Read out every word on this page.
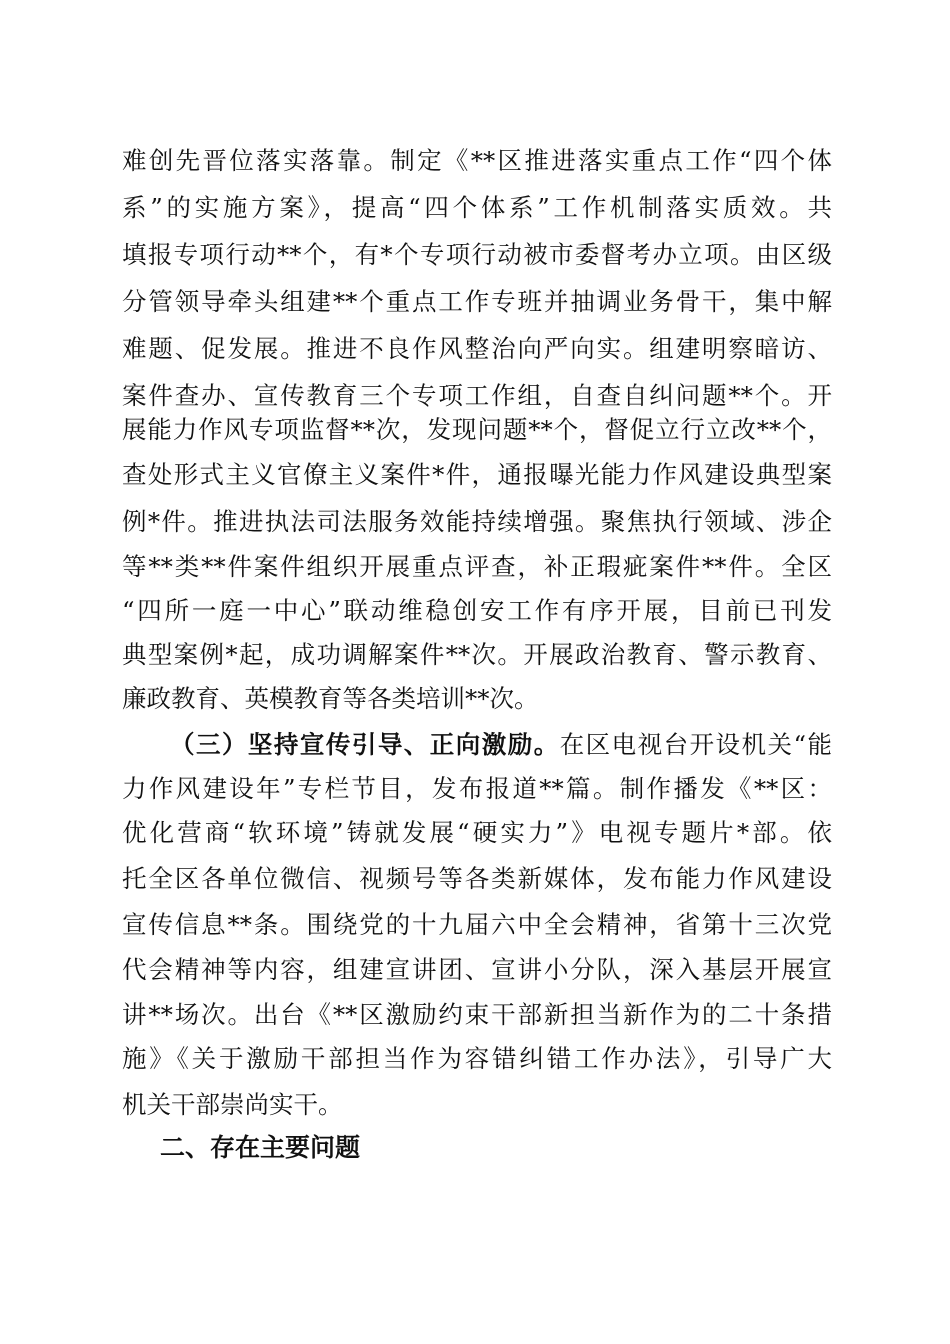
难创先晋位落实落靠。制定《**区推进落实重点工作“四个体
系”的实施方案》，提高“四个体系”工作机制落实质效。共
填报专项行动**个，有*个专项行动被市委督考办立项。由区级
分管领导牵头组建**个重点工作专班并抽调业务骨干，集中解
难题、促发展。推进不良作风整治向严向实。组建明察暗访、
案件查办、宣传教育三个专项工作组，自查自纠问题**个。开
展能力作风专项监督**次，发现问题**个，督促立行立改**个，
查处形式主义官僚主义案件*件，通报曝光能力作风建设典型案
例*件。推进执法司法服务效能持续增强。聚焦执行领域、涉企
等**类**件案件组织开展重点评查，补正瑕疵案件**件。全区
“四所一庭一中心”联动维稳创安工作有序开展，目前已刊发
典型案例*起，成功调解案件**次。开展政治教育、警示教育、
廉政教育、英模教育等各类培训**次。
（三）坚持宣传引导、正向激励。在区电视台开设机关“能
力作风建设年”专栏节目，发布报道**篇。制作播发《**区：
优化营商“软环境”铸就发展“硬实力”》电视专题片*部。依
托全区各单位微信、视频号等各类新媒体，发布能力作风建设
宣传信息**条。围绕党的十九届六中全会精神，省第十三次党
代会精神等内容，组建宣讲团、宣讲小分队，深入基层开展宣
讲**场次。出台《**区激励约束干部新担当新作为的二十条措
施》《关于激励干部担当作为容错纠错工作办法》，引导广大
机关干部崇尚实干。
二、存在主要问题
